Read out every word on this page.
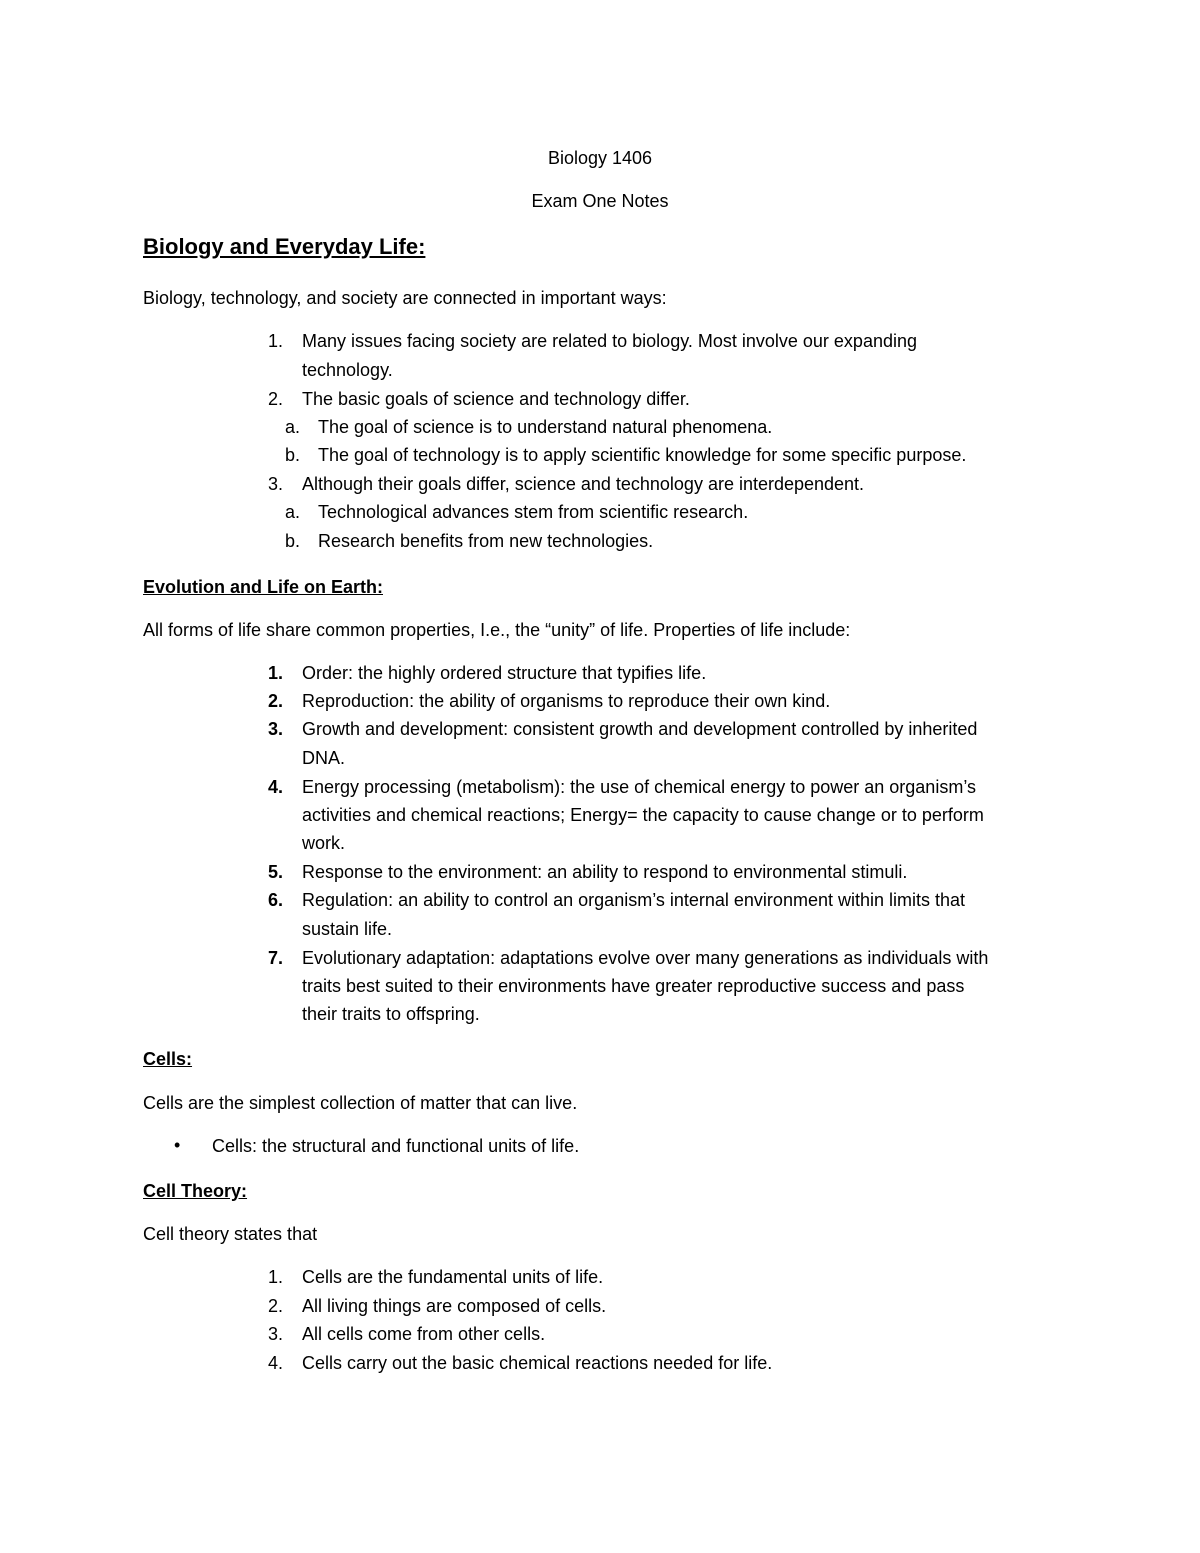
Biology 1406
Exam One Notes
Biology and Everyday Life:
Biology, technology, and society are connected in important ways:
1. Many issues facing society are related to biology. Most involve our expanding
technology.
2. The basic goals of science and technology differ.
a. The goal of science is to understand natural phenomena.
b. The goal of technology is to apply scientific knowledge for some specific purpose.
3. Although their goals differ, science and technology are interdependent.
a. Technological advances stem from scientific research.
b. Research benefits from new technologies.
Evolution and Life on Earth:
All forms of life share common properties, I.e., the “unity” of life. Properties of life include:
1. Order: the highly ordered structure that typifies life.
2. Reproduction: the ability of organisms to reproduce their own kind.
3. Growth and development: consistent growth and development controlled by inherited
DNA.
4. Energy processing (metabolism): the use of chemical energy to power an organism’s
activities and chemical reactions; Energy= the capacity to cause change or to perform
work.
5. Response to the environment: an ability to respond to environmental stimuli.
6. Regulation: an ability to control an organism’s internal environment within limits that
sustain life.
7. Evolutionary adaptation: adaptations evolve over many generations as individuals with
traits best suited to their environments have greater reproductive success and pass
their traits to offspring.
Cells:
Cells are the simplest collection of matter that can live.
• Cells: the structural and functional units of life.
Cell Theory:
Cell theory states that
1. Cells are the fundamental units of life.
2. All living things are composed of cells.
3. All cells come from other cells.
4. Cells carry out the basic chemical reactions needed for life.
